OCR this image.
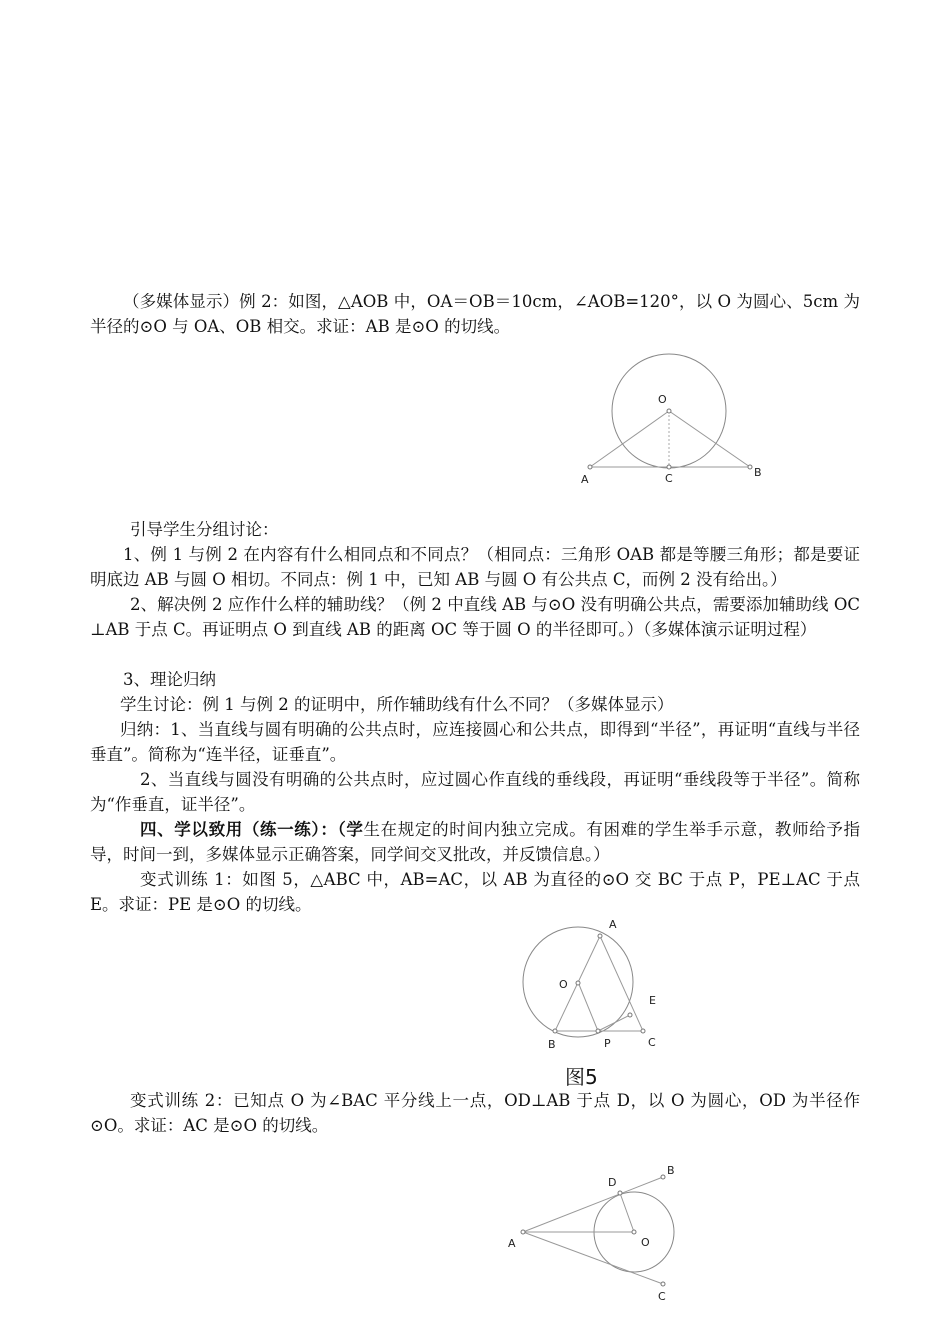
（多媒体显示）例 2：如图，△AOB 中，OA＝OB＝10cm，∠AOB=120°，以 O 为圆心、5cm 为半径的⊙O 与 OA、OB 相交。求证：AB 是⊙O 的切线。

O
A	C	B

引导学生分组讨论：

1、例 1 与例 2 在内容有什么相同点和不同点？（相同点：三角形 OAB 都是等腰三角形；都是要证明底边 AB 与圆 O 相切。不同点：例 1 中，已知 AB 与圆 O 有公共点 C，而例 2 没有给出。）

2、解决例 2 应作什么样的辅助线？（例 2 中直线 AB 与⊙O 没有明确公共点，需要添加辅助线 OC ⊥AB 于点 C。再证明点 O 到直线 AB 的距离 OC 等于圆 O 的半径即可。）（多媒体演示证明过程）

3、理论归纳

学生讨论：例 1 与例 2 的证明中，所作辅助线有什么不同？（多媒体显示）

归纳：1、当直线与圆有明确的公共点时，应连接圆心和公共点，即得到“半径”，再证明“直线与半径垂直”。简称为“连半径，证垂直”。

2、当直线与圆没有明确的公共点时，应过圆心作直线的垂线段，再证明“垂线段等于半径”。简称为“作垂直，证半径”。

四、学以致用（练一练）：（学生在规定的时间内独立完成。有困难的学生举手示意，教师给予指导，时间一到，多媒体显示正确答案，同学间交叉批改，并反馈信息。）

变式训练 1：如图 5，△ABC 中，AB=AC，以 AB 为直径的⊙O 交 BC 于点 P，PE⊥AC 于点 E。求证：PE 是⊙O 的切线。

A
O
E
B	P	C
图5

变式训练 2：已知点 O 为∠BAC 平分线上一点，OD⊥AB 于点 D，以 O 为圆心，OD 为半径作⊙O。求证：AC 是⊙O 的切线。

D
B
A	O
C
